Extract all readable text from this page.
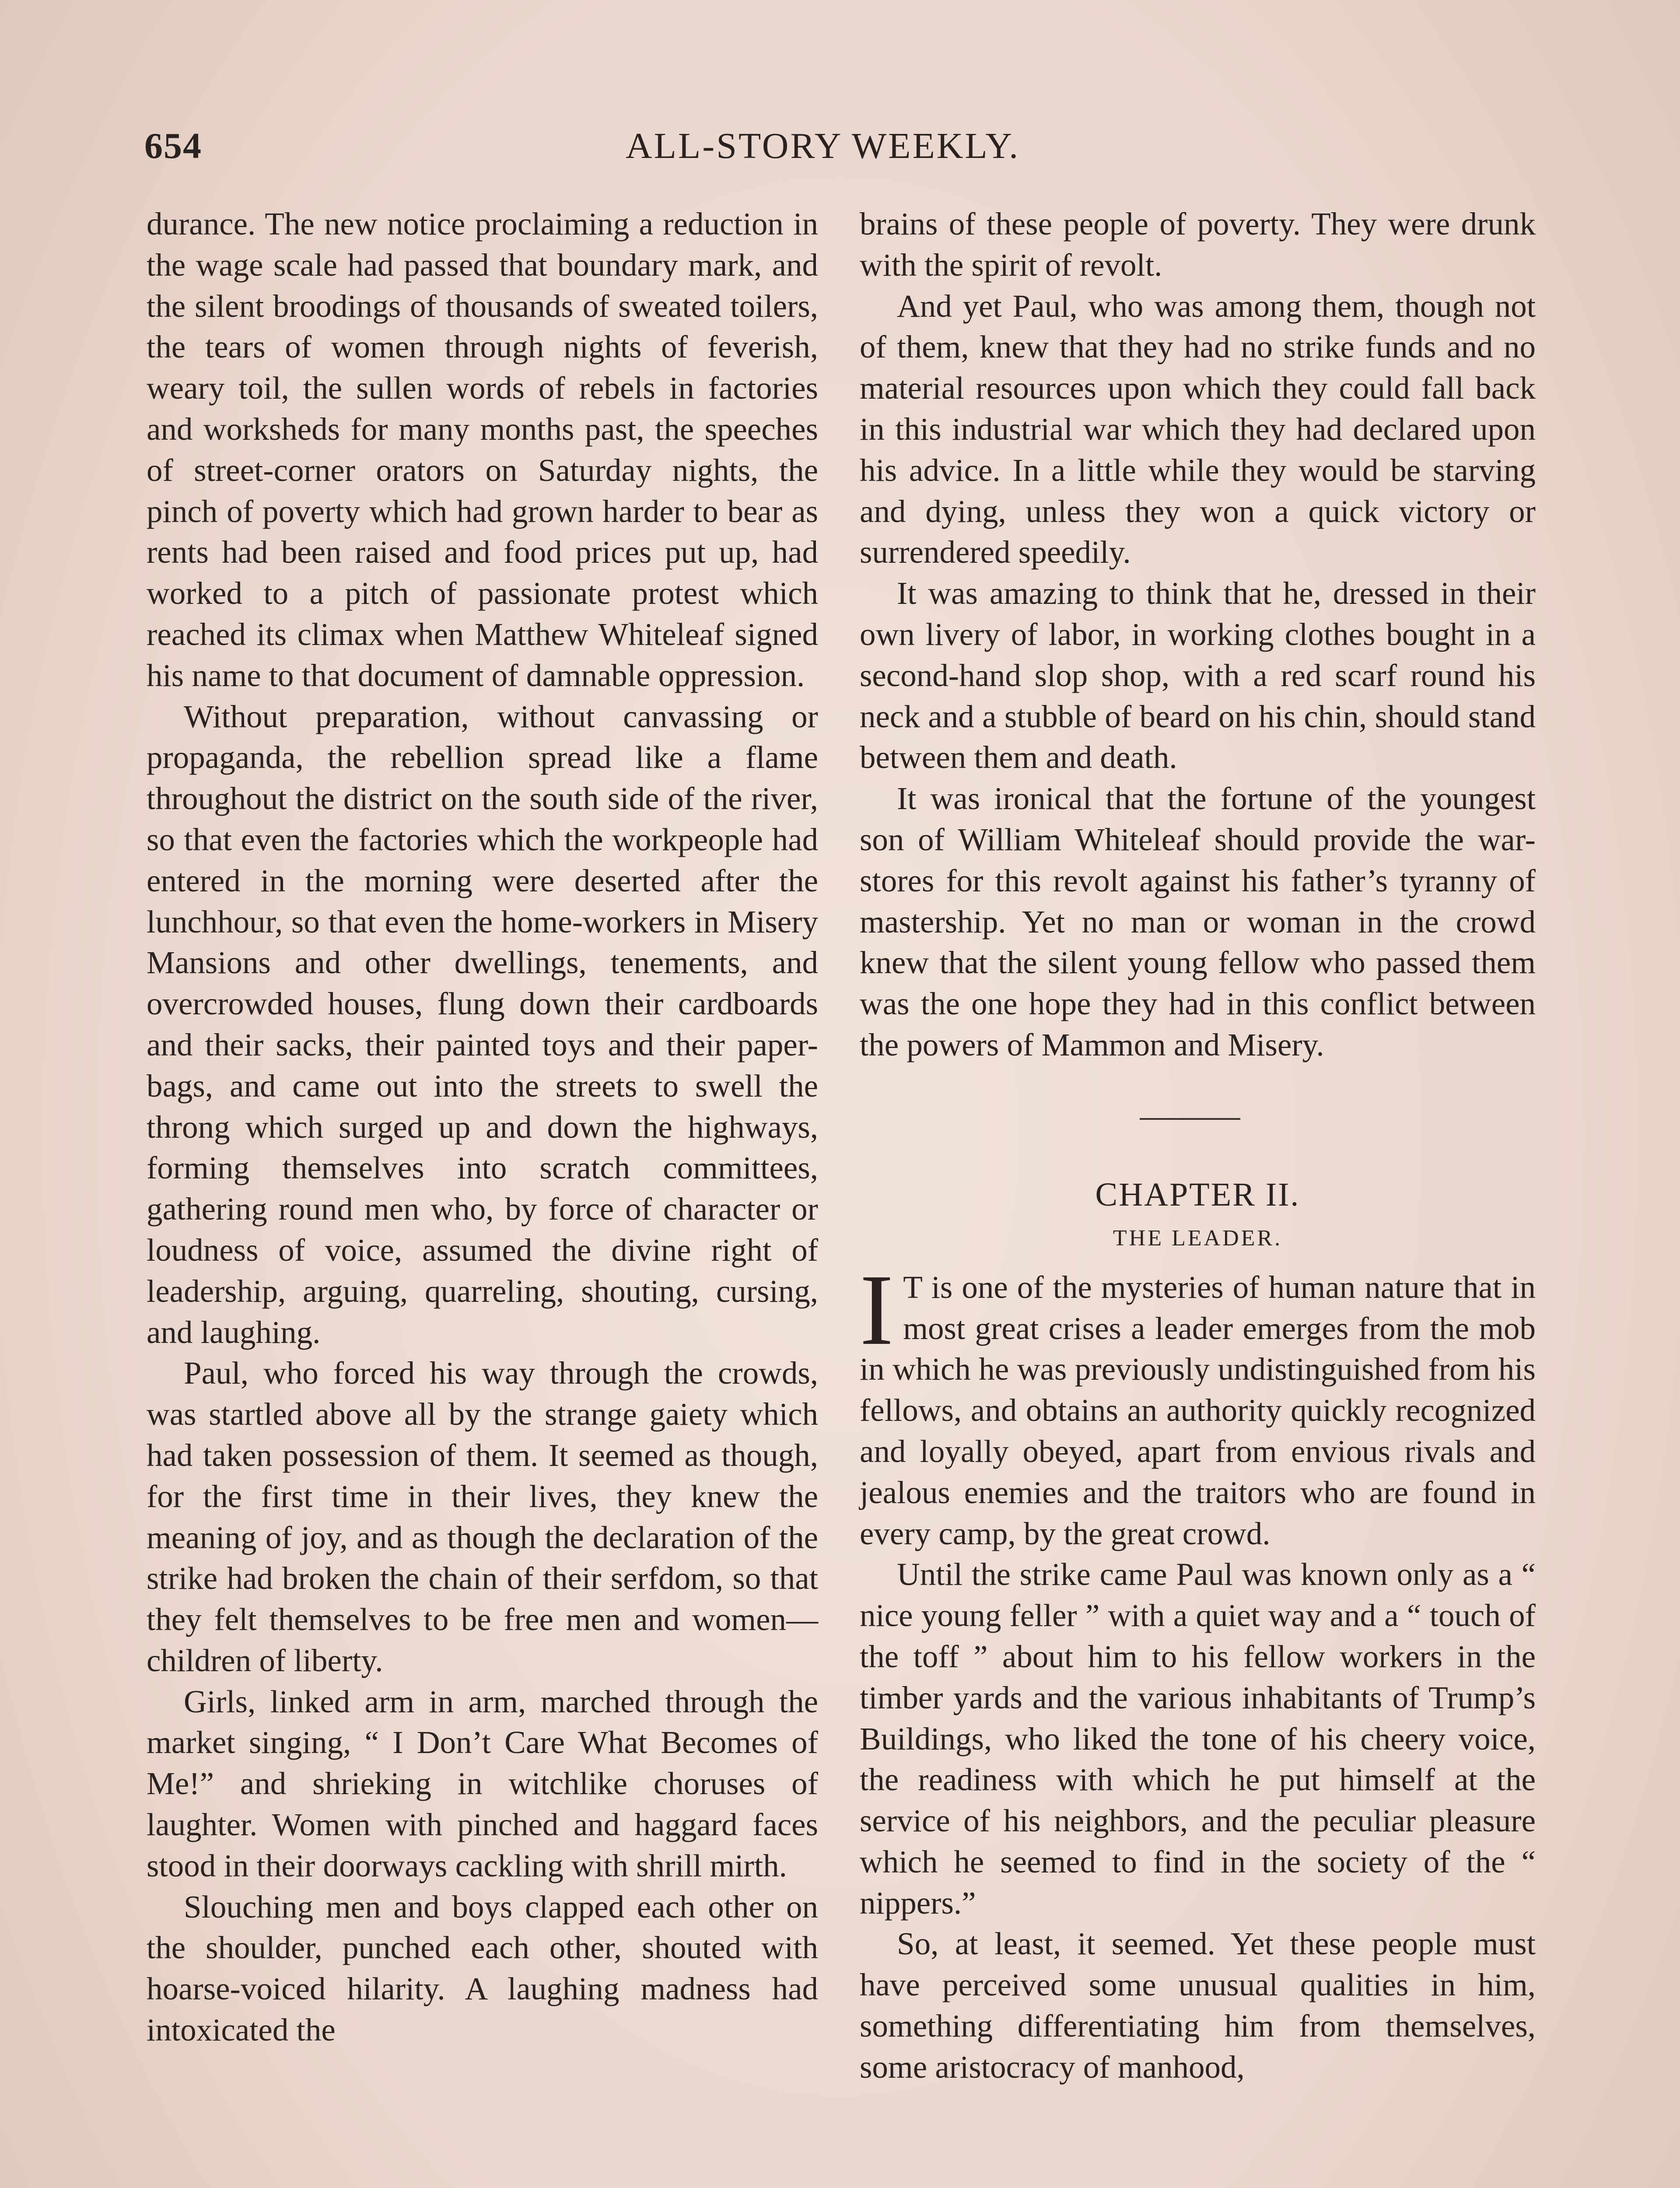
654	ALL-STORY WEEKLY.

durance. The new notice proclaiming a reduction in the wage scale had passed that boundary mark, and the silent broodings of thousands of sweated toilers, the tears of women through nights of feverish, weary toil, the sullen words of rebels in factories and worksheds for many months past, the speeches of street-corner orators on Saturday nights, the pinch of poverty which had grown harder to bear as rents had been raised and food prices put up, had worked to a pitch of passionate protest which reached its climax when Matthew Whiteleaf signed his name to that document of damnable oppression.

Without preparation, without canvassing or propaganda, the rebellion spread like a flame throughout the district on the south side of the river, so that even the factories which the workpeople had entered in the morning were deserted after the lunchhour, so that even the home-workers in Misery Mansions and other dwellings, tenements, and overcrowded houses, flung down their cardboards and their sacks, their painted toys and their paper-bags, and came out into the streets to swell the throng which surged up and down the highways, forming themselves into scratch committees, gathering round men who, by force of character or loudness of voice, assumed the divine right of leadership, arguing, quarreling, shouting, cursing, and laughing.

Paul, who forced his way through the crowds, was startled above all by the strange gaiety which had taken possession of them. It seemed as though, for the first time in their lives, they knew the meaning of joy, and as though the declaration of the strike had broken the chain of their serfdom, so that they felt themselves to be free men and women—children of liberty.

Girls, linked arm in arm, marched through the market singing, “ I Don’t Care What Becomes of Me!” and shrieking in witchlike choruses of laughter. Women with pinched and haggard faces stood in their doorways cackling with shrill mirth.

Slouching men and boys clapped each other on the shoulder, punched each other, shouted with hoarse-voiced hilarity. A laughing madness had intoxicated the

brains of these people of poverty. They were drunk with the spirit of revolt.

And yet Paul, who was among them, though not of them, knew that they had no strike funds and no material resources upon which they could fall back in this industrial war which they had declared upon his advice. In a little while they would be starving and dying, unless they won a quick victory or surrendered speedily.

It was amazing to think that he, dressed in their own livery of labor, in working clothes bought in a second-hand slop shop, with a red scarf round his neck and a stubble of beard on his chin, should stand between them and death.

It was ironical that the fortune of the youngest son of William Whiteleaf should provide the war-stores for this revolt against his father’s tyranny of mastership. Yet no man or woman in the crowd knew that the silent young fellow who passed them was the one hope they had in this conflict between the powers of Mammon and Misery.

CHAPTER II.
THE LEADER.

I T is one of the mysteries of human nature that in most great crises a leader emerges from the mob in which he was previously undistinguished from his fellows, and obtains an authority quickly recognized and loyally obeyed, apart from envious rivals and jealous enemies and the traitors who are found in every camp, by the great crowd.

Until the strike came Paul was known only as a “ nice young feller ” with a quiet way and a “ touch of the toff ” about him to his fellow workers in the timber yards and the various inhabitants of Trump’s Buildings, who liked the tone of his cheery voice, the readiness with which he put himself at the service of his neighbors, and the peculiar pleasure which he seemed to find in the society of the “ nippers.”

So, at least, it seemed. Yet these people must have perceived some unusual qualities in him, something differentiating him from themselves, some aristocracy of manhood,
